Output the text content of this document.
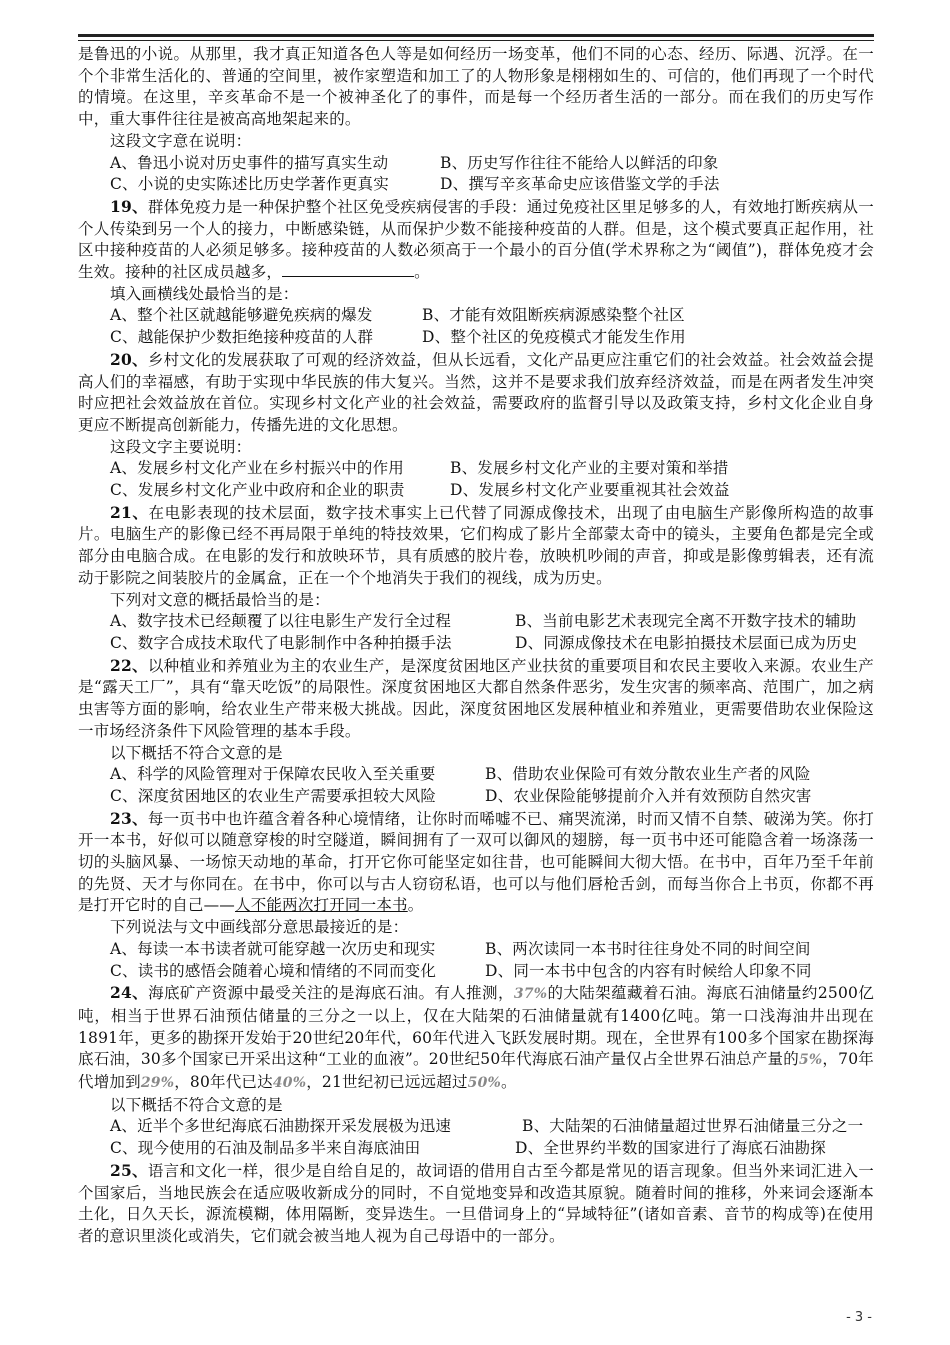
是鲁迅的小说。从那里，我才真正知道各色人等是如何经历一场变革，他们不同的心态、经历、际遇、沉浮。在一个个非常生活化的、普通的空间里，被作家塑造和加工了的人物形象是栩栩如生的、可信的，他们再现了一个时代的情境。在这里，辛亥革命不是一个被神圣化了的事件，而是每一个经历者生活的一部分。而在我们的历史写作中，重大事件往往是被高高地架起来的。

这段文字意在说明：

A、鲁迅小说对历史事件的描写真实生动	B、历史写作往往不能给人以鲜活的印象
C、小说的史实陈述比历史学著作更真实	D、撰写辛亥革命史应该借鉴文学的手法

19、群体免疫力是一种保护整个社区免受疾病侵害的手段：通过免疫社区里足够多的人，有效地打断疾病从一个人传染到另一个人的接力，中断感染链，从而保护少数不能接种疫苗的人群。但是，这个模式要真正起作用，社区中接种疫苗的人必须足够多。接种疫苗的人数必须高于一个最小的百分值(学术界称之为“阈值”)，群体免疫才会生效。接种的社区成员越多，	。

填入画横线处最恰当的是：

A、整个社区就越能够避免疾病的爆发	B、才能有效阻断疾病源感染整个社区
C、越能保护少数拒绝接种疫苗的人群	D、整个社区的免疫模式才能发生作用

20、乡村文化的发展获取了可观的经济效益，但从长远看，文化产品更应注重它们的社会效益。社会效益会提高人们的幸福感，有助于实现中华民族的伟大复兴。当然，这并不是要求我们放弃经济效益，而是在两者发生冲突时应把社会效益放在首位。实现乡村文化产业的社会效益，需要政府的监督引导以及政策支持，乡村文化企业自身更应不断提高创新能力，传播先进的文化思想。

这段文字主要说明：

A、发展乡村文化产业在乡村振兴中的作用	B、发展乡村文化产业的主要对策和举措
C、发展乡村文化产业中政府和企业的职责	D、发展乡村文化产业要重视其社会效益

21、在电影表现的技术层面，数字技术事实上已代替了同源成像技术，出现了由电脑生产影像所构造的故事片。电脑生产的影像已经不再局限于单纯的特技效果，它们构成了影片全部蒙太奇中的镜头，主要角色都是完全或部分由电脑合成。在电影的发行和放映环节，具有质感的胶片卷，放映机吵闹的声音，抑或是影像剪辑表，还有流动于影院之间装胶片的金属盒，正在一个个地消失于我们的视线，成为历史。

下列对文意的概括最恰当的是：

A、数字技术已经颠覆了以往电影生产发行全过程	B、当前电影艺术表现完全离不开数字技术的辅助
C、数字合成技术取代了电影制作中各种拍摄手法	D、同源成像技术在电影拍摄技术层面已成为历史

22、以种植业和养殖业为主的农业生产，是深度贫困地区产业扶贫的重要项目和农民主要收入来源。农业生产是“露天工厂”，具有“靠天吃饭”的局限性。深度贫困地区大都自然条件恶劣，发生灾害的频率高、范围广，加之病虫害等方面的影响，给农业生产带来极大挑战。因此，深度贫困地区发展种植业和养殖业，更需要借助农业保险这一市场经济条件下风险管理的基本手段。

以下概括不符合文意的是

A、科学的风险管理对于保障农民收入至关重要	B、借助农业保险可有效分散农业生产者的风险
C、深度贫困地区的农业生产需要承担较大风险	D、农业保险能够提前介入并有效预防自然灾害

23、每一页书中也许蕴含着各种心境情绪，让你时而唏嘘不已、痛哭流涕，时而又情不自禁、破涕为笑。你打开一本书，好似可以随意穿梭的时空隧道，瞬间拥有了一双可以御风的翅膀，每一页书中还可能隐含着一场涤荡一切的头脑风暴、一场惊天动地的革命，打开它你可能坚定如往昔，也可能瞬间大彻大悟。在书中，百年乃至千年前的先贤、天才与你同在。在书中，你可以与古人窃窃私语，也可以与他们唇枪舌剑，而每当你合上书页，你都不再是打开它时的自己——人不能两次打开同一本书。

下列说法与文中画线部分意思最接近的是：

A、每读一本书读者就可能穿越一次历史和现实	B、两次读同一本书时往往身处不同的时间空间
C、读书的感悟会随着心境和情绪的不同而变化	D、同一本书中包含的内容有时候给人印象不同

24、海底矿产资源中最受关注的是海底石油。有人推测，37%的大陆架蕴藏着石油。海底石油储量约2500亿吨，相当于世界石油预估储量的三分之一以上，仅在大陆架的石油储量就有1400亿吨。第一口浅海油井出现在1891年，更多的勘探开发始于20世纪20年代，60年代进入飞跃发展时期。现在，全世界有100多个国家在勘探海底石油，30多个国家已开采出这种“工业的血液”。20世纪50年代海底石油产量仅占全世界石油总产量的5%，70年代增加到29%，80年代已达40%，21世纪初已远远超过50%。

以下概括不符合文意的是

A、近半个多世纪海底石油勘探开采发展极为迅速	B、大陆架的石油储量超过世界石油储量三分之一

C、现今使用的石油及制品多半来自海底油田	D、全世界约半数的国家进行了海底石油勘探

25、语言和文化一样，很少是自给自足的，故词语的借用自古至今都是常见的语言现象。但当外来词汇进入一个国家后，当地民族会在适应吸收新成分的同时，不自觉地变异和改造其原貌。随着时间的推移，外来词会逐渐本土化，日久天长，源流模糊，体用隔断，变异迭生。一旦借词身上的“异域特征”(诸如音素、音节的构成等)在使用者的意识里淡化或消失，它们就会被当地人视为自己母语中的一部分。

- 3 -
